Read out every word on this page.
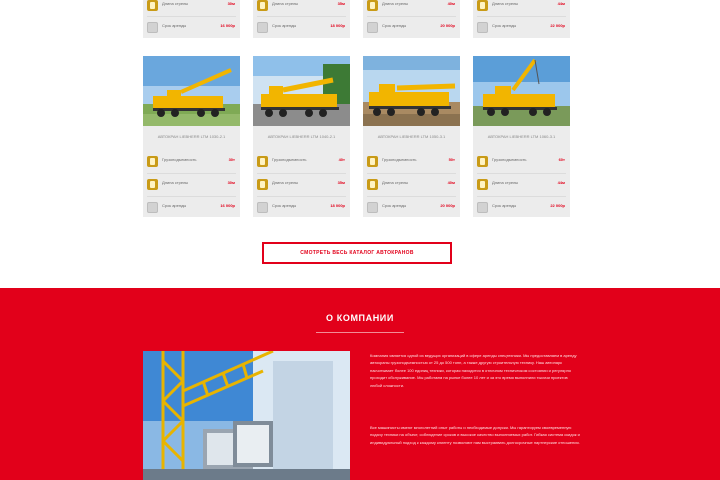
Длина стрелы	30м
Срок аренды	16 000р
Длина стрелы	35м
Срок аренды	18 000р
Длина стрелы	40м
Срок аренды	20 000р
Длина стрелы	44м
Срок аренды	22 000р
АВТОКРАН LIEBHERR LTM 1030-2.1
Грузоподъемность	30т
Длина стрелы	30м
Срок аренды	16 000р
АВТОКРАН LIEBHERR LTM 1040-2.1
Грузоподъемность	40т
Длина стрелы	35м
Срок аренды	18 000р
АВТОКРАН LIEBHERR LTM 1050-3.1
Грузоподъемность	50т
Длина стрелы	40м
Срок аренды	20 000р
АВТОКРАН LIEBHERR LTM 1060-3.1
Грузоподъемность	60т
Длина стрелы	44м
Срок аренды	22 000р
СМОТРЕТЬ ВЕСЬ КАТАЛОГ АВТОКРАНОВ
О КОМПАНИИ

Компания является одной из ведущих организаций в сфере аренды спецтехники. Мы предоставляем в аренду автокраны грузоподъемностью от 25 до 500 тонн, а также другую строительную технику. Наш автопарк насчитывает более 100 единиц техники, которая находится в отличном техническом состоянии и регулярно проходит обслуживание. Мы работаем на рынке более 10 лет и за это время выполнили тысячи проектов любой сложности.

Все машинисты имеют многолетний опыт работы и необходимые допуски. Мы гарантируем своевременную подачу техники на объект, соблюдение сроков и высокое качество выполняемых работ. Гибкая система скидок и индивидуальный подход к каждому клиенту позволяют нам выстраивать долгосрочные партнерские отношения.
